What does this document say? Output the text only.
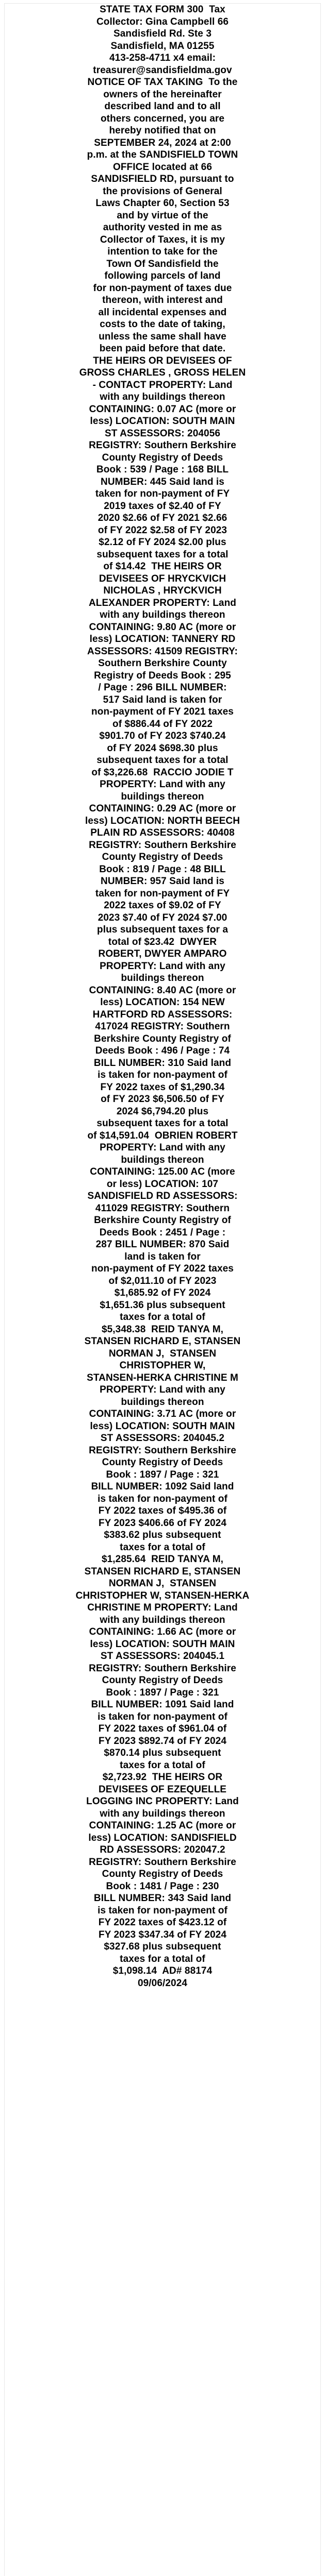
STATE TAX FORM 300  Tax
Collector: Gina Campbell 66
Sandisfield Rd. Ste 3
Sandisfield, MA 01255
413-258-4711 x4 email:
treasurer@sandisfieldma.gov
NOTICE OF TAX TAKING  To the
owners of the hereinafter
described land and to all
others concerned, you are
hereby notified that on
SEPTEMBER 24, 2024 at 2:00
p.m. at the SANDISFIELD TOWN
OFFICE located at 66
SANDISFIELD RD, pursuant to
the provisions of General
Laws Chapter 60, Section 53
and by virtue of the
authority vested in me as
Collector of Taxes, it is my
intention to take for the
Town Of Sandisfield the
following parcels of land
for non-payment of taxes due
thereon, with interest and
all incidental expenses and
costs to the date of taking,
unless the same shall have
been paid before that date.
THE HEIRS OR DEVISEES OF
GROSS CHARLES , GROSS HELEN
- CONTACT PROPERTY: Land
with any buildings thereon
CONTAINING: 0.07 AC (more or
less) LOCATION: SOUTH MAIN
ST ASSESSORS: 204056
REGISTRY: Southern Berkshire
County Registry of Deeds
Book : 539 / Page : 168 BILL
NUMBER: 445 Said land is
taken for non-payment of FY
2019 taxes of $2.40 of FY
2020 $2.66 of FY 2021 $2.66
of FY 2022 $2.58 of FY 2023
$2.12 of FY 2024 $2.00 plus
subsequent taxes for a total
of $14.42  THE HEIRS OR
DEVISEES OF HRYCKVICH
NICHOLAS , HRYCKVICH
ALEXANDER PROPERTY: Land
with any buildings thereon
CONTAINING: 9.80 AC (more or
less) LOCATION: TANNERY RD
ASSESSORS: 41509 REGISTRY:
Southern Berkshire County
Registry of Deeds Book : 295
/ Page : 296 BILL NUMBER:
517 Said land is taken for
non-payment of FY 2021 taxes
of $886.44 of FY 2022
$901.70 of FY 2023 $740.24
of FY 2024 $698.30 plus
subsequent taxes for a total
of $3,226.68  RACCIO JODIE T
PROPERTY: Land with any
buildings thereon
CONTAINING: 0.29 AC (more or
less) LOCATION: NORTH BEECH
PLAIN RD ASSESSORS: 40408
REGISTRY: Southern Berkshire
County Registry of Deeds
Book : 819 / Page : 48 BILL
NUMBER: 957 Said land is
taken for non-payment of FY
2022 taxes of $9.02 of FY
2023 $7.40 of FY 2024 $7.00
plus subsequent taxes for a
total of $23.42  DWYER
ROBERT, DWYER AMPARO
PROPERTY: Land with any
buildings thereon
CONTAINING: 8.40 AC (more or
less) LOCATION: 154 NEW
HARTFORD RD ASSESSORS:
417024 REGISTRY: Southern
Berkshire County Registry of
Deeds Book : 496 / Page : 74
BILL NUMBER: 310 Said land
is taken for non-payment of
FY 2022 taxes of $1,290.34
of FY 2023 $6,506.50 of FY
2024 $6,794.20 plus
subsequent taxes for a total
of $14,591.04  OBRIEN ROBERT
PROPERTY: Land with any
buildings thereon
CONTAINING: 125.00 AC (more
or less) LOCATION: 107
SANDISFIELD RD ASSESSORS:
411029 REGISTRY: Southern
Berkshire County Registry of
Deeds Book : 2451 / Page :
287 BILL NUMBER: 870 Said
land is taken for
non-payment of FY 2022 taxes
of $2,011.10 of FY 2023
$1,685.92 of FY 2024
$1,651.36 plus subsequent
taxes for a total of
$5,348.38  REID TANYA M,
STANSEN RICHARD E, STANSEN
NORMAN J,  STANSEN
CHRISTOPHER W,
STANSEN-HERKA CHRISTINE M
PROPERTY: Land with any
buildings thereon
CONTAINING: 3.71 AC (more or
less) LOCATION: SOUTH MAIN
ST ASSESSORS: 204045.2
REGISTRY: Southern Berkshire
County Registry of Deeds
Book : 1897 / Page : 321
BILL NUMBER: 1092 Said land
is taken for non-payment of
FY 2022 taxes of $495.36 of
FY 2023 $406.66 of FY 2024
$383.62 plus subsequent
taxes for a total of
$1,285.64  REID TANYA M,
STANSEN RICHARD E, STANSEN
NORMAN J,  STANSEN
CHRISTOPHER W, STANSEN-HERKA
CHRISTINE M PROPERTY: Land
with any buildings thereon
CONTAINING: 1.66 AC (more or
less) LOCATION: SOUTH MAIN
ST ASSESSORS: 204045.1
REGISTRY: Southern Berkshire
County Registry of Deeds
Book : 1897 / Page : 321
BILL NUMBER: 1091 Said land
is taken for non-payment of
FY 2022 taxes of $961.04 of
FY 2023 $892.74 of FY 2024
$870.14 plus subsequent
taxes for a total of
$2,723.92  THE HEIRS OR
DEVISEES OF EZEQUELLE
LOGGING INC PROPERTY: Land
with any buildings thereon
CONTAINING: 1.25 AC (more or
less) LOCATION: SANDISFIELD
RD ASSESSORS: 202047.2
REGISTRY: Southern Berkshire
County Registry of Deeds
Book : 1481 / Page : 230
BILL NUMBER: 343 Said land
is taken for non-payment of
FY 2022 taxes of $423.12 of
FY 2023 $347.34 of FY 2024
$327.68 plus subsequent
taxes for a total of
$1,098.14  AD# 88174
09/06/2024
